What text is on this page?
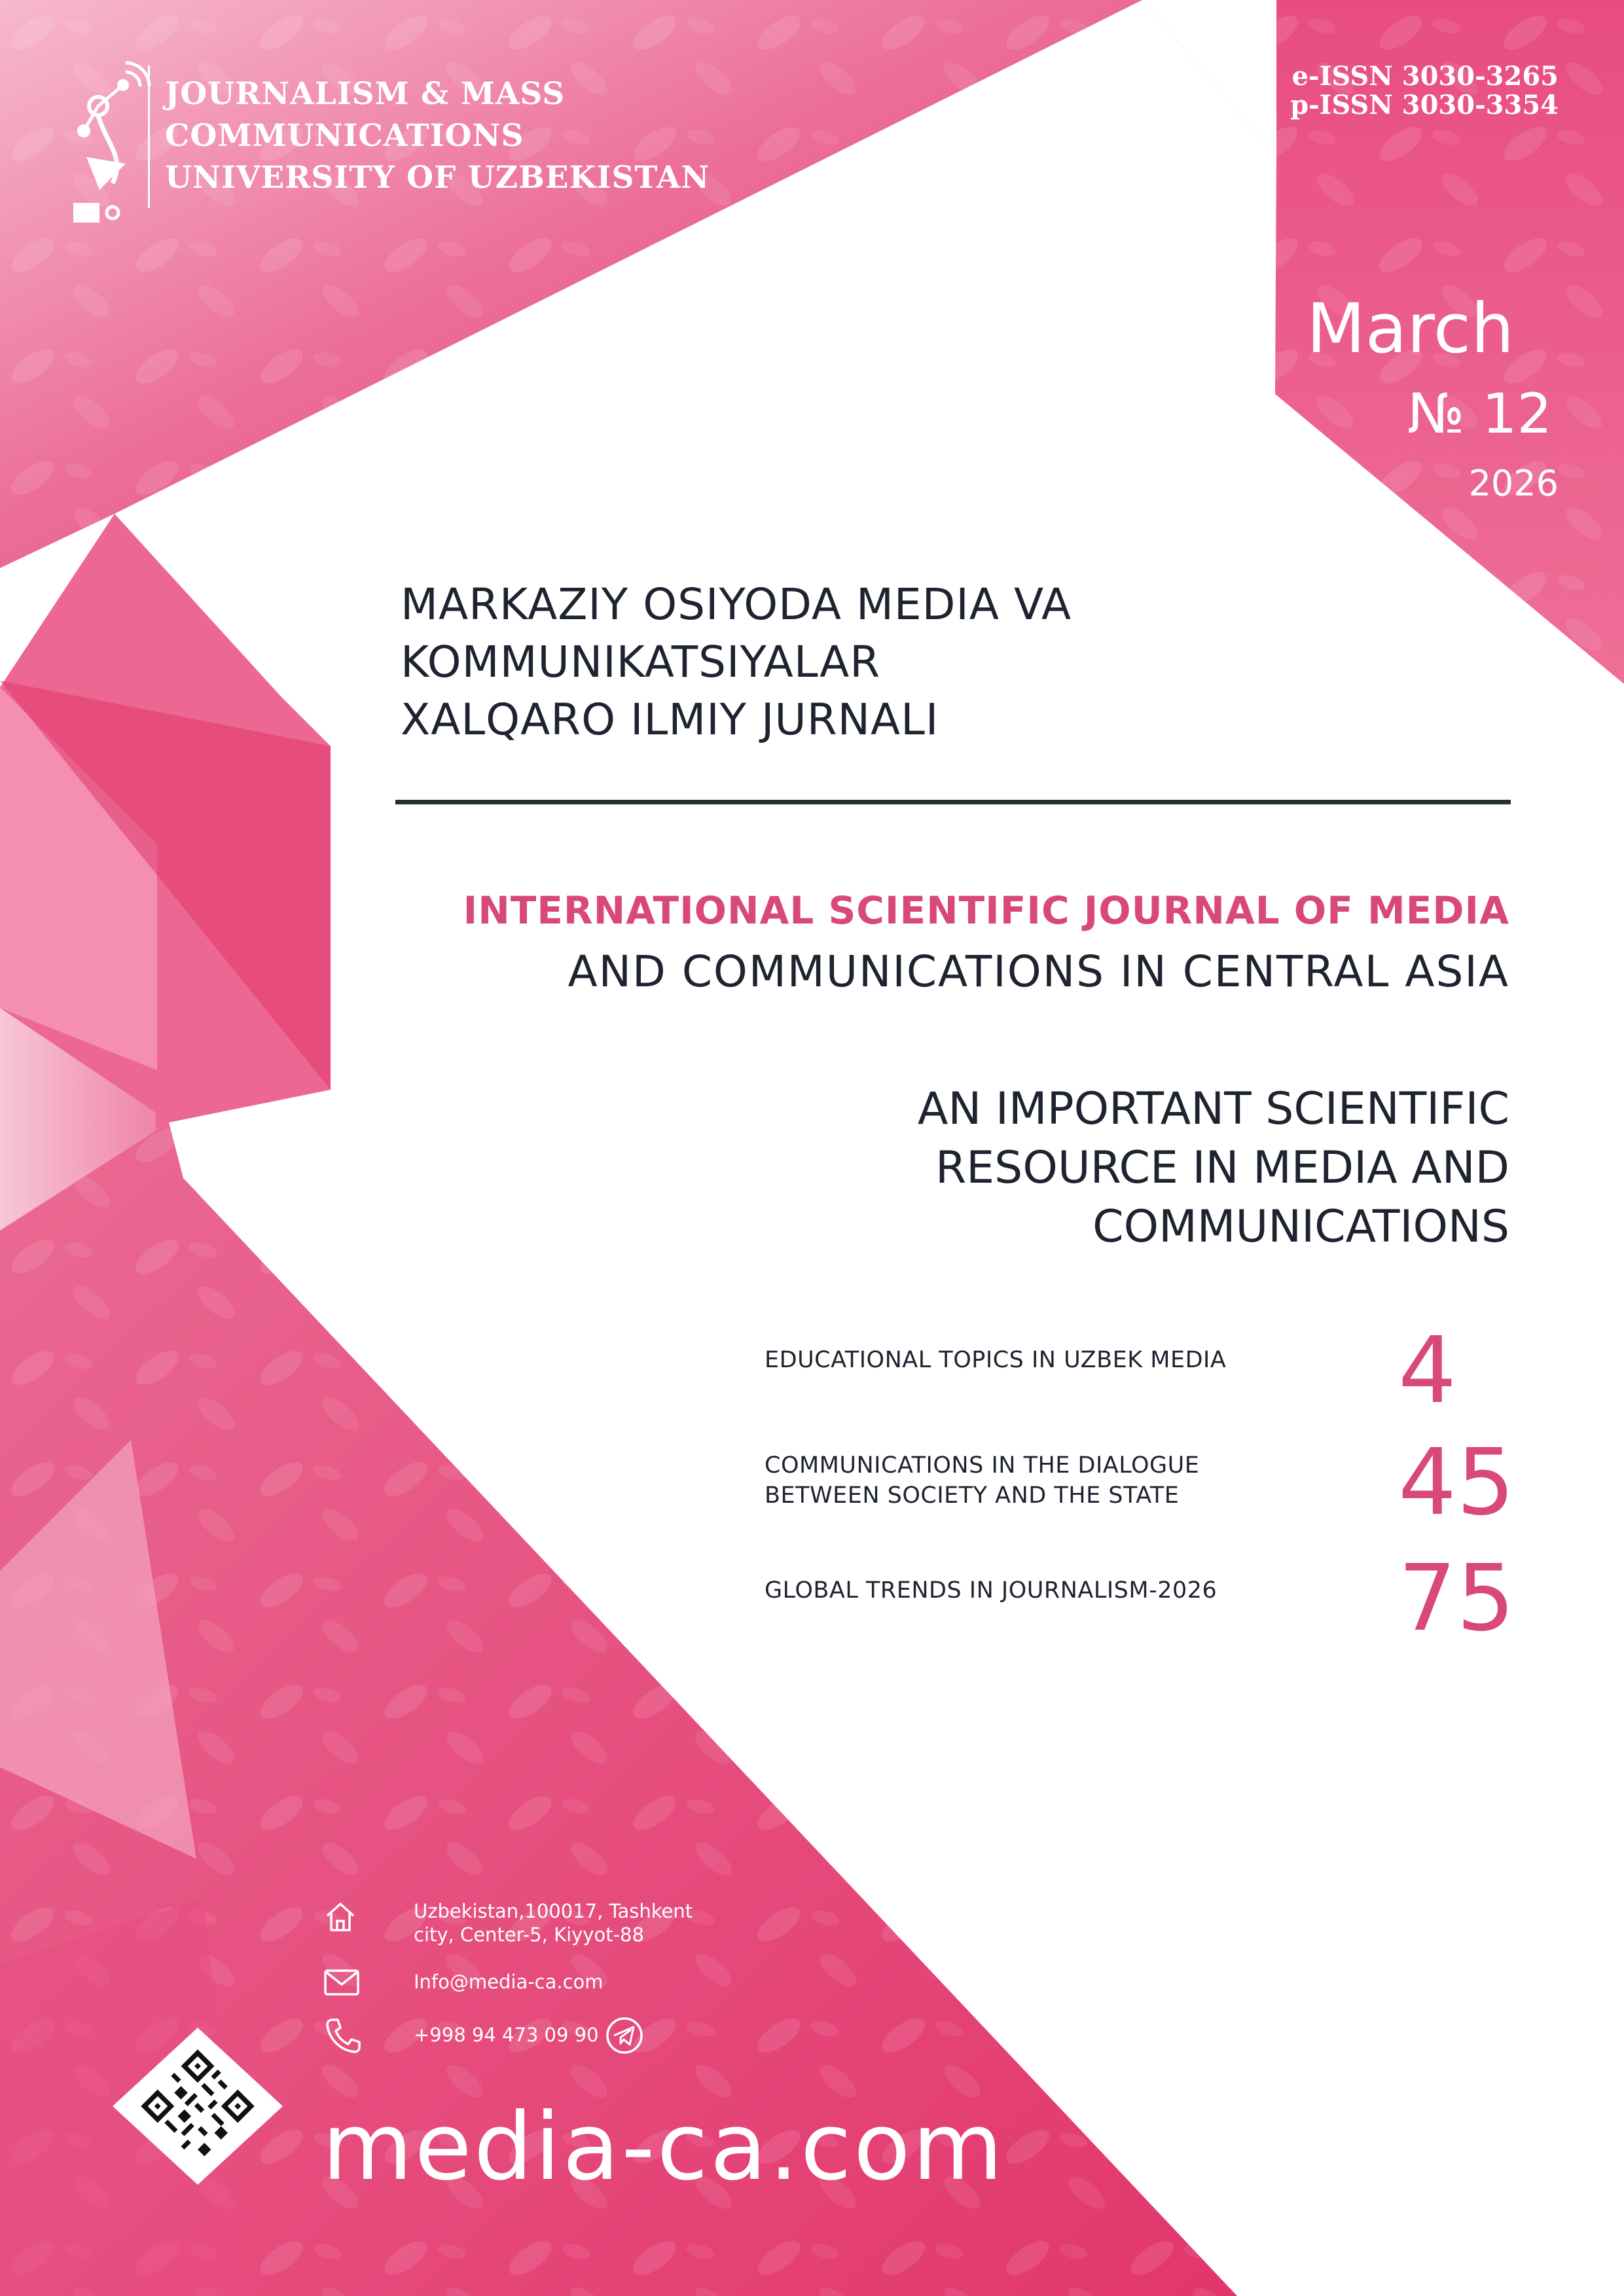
JOURNALISM & MASS
COMMUNICATIONS
UNIVERSITY OF UZBEKISTAN
e-ISSN 3030-3265
p-ISSN 3030-3354
March
№ 12
2026
MARKAZIY OSIYODA MEDIA VA
KOMMUNIKATSIYALAR
XALQARO ILMIY JURNALI
INTERNATIONAL SCIENTIFIC JOURNAL OF MEDIA
AND COMMUNICATIONS IN CENTRAL ASIA
AN IMPORTANT SCIENTIFIC
RESOURCE IN MEDIA AND
COMMUNICATIONS
EDUCATIONAL TOPICS IN UZBEK MEDIA 4
COMMUNICATIONS IN THE DIALOGUE
BETWEEN SOCIETY AND THE STATE 45
GLOBAL TRENDS IN JOURNALISM-2026 75
Uzbekistan,100017, Tashkent
city, Center-5, Kiyyot-88
Info@media-ca.com
+998 94 473 09 90
media-ca.com
